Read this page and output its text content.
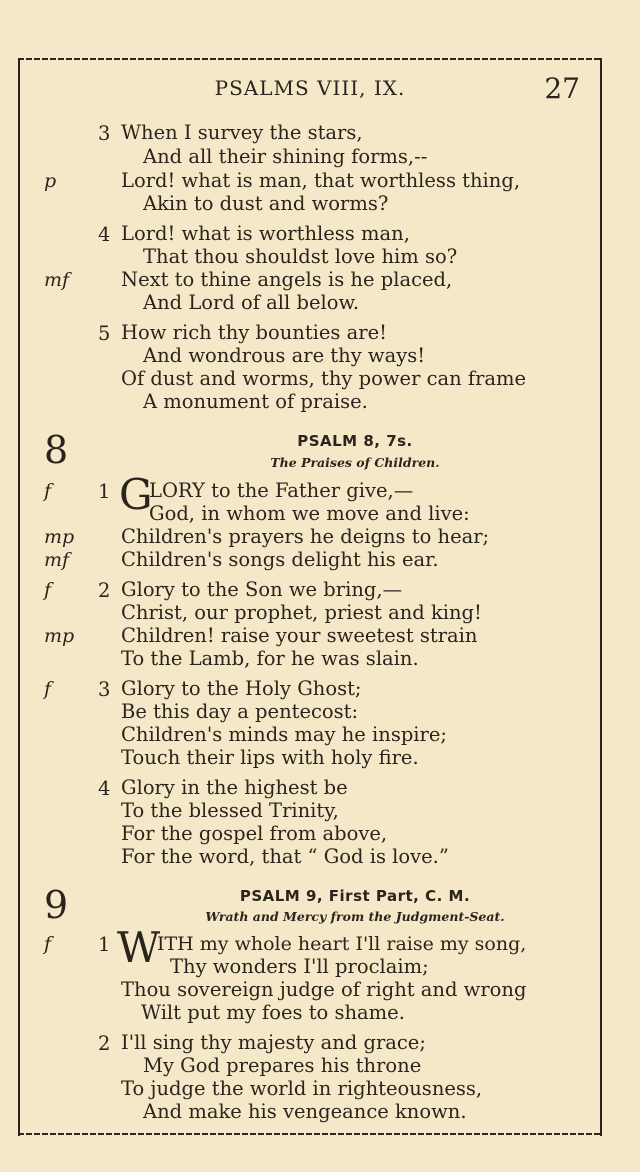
PSALMS VIII, IX.	27
3 When I survey the stars,
And all their shining forms,--
p	Lord! what is man, that worthless thing,
Akin to dust and worms?
4 Lord! what is worthless man,
That thou shouldst love him so?
mf	Next to thine angels is he placed,
And Lord of all below.
5 How rich thy bounties are!
And wondrous are thy ways!
Of dust and worms, thy power can frame
A monument of praise.
8	PSALM 8, 7s.
The Praises of Children.
f 1 G
LORY to the Father give,—
God, in whom we move and live:
mp Children's prayers he deigns to hear;
mf	Children's songs delight his ear.
f 2 Glory to the Son we bring,—
Christ, our prophet, priest and king!
mp Children! raise your sweetest strain
To the Lamb, for he was slain.
f 3 Glory to the Holy Ghost;
Be this day a pentecost:
Children's minds may he inspire;
Touch their lips with holy fire.
4 Glory in the highest be
To the blessed Trinity,
For the gospel from above,
For the word, that “ God is love.”
9	PSALM 9, First Part, C. M.
Wrath and Mercy from the Judgment-Seat.
f 1 W
ITH my whole heart I'll raise my song,
Thy wonders I'll proclaim;
Thou sovereign judge of right and wrong
Wilt put my foes to shame.
2 I'll sing thy majesty and grace;
My God prepares his throne
To judge the world in righteousness,
And make his vengeance known.
